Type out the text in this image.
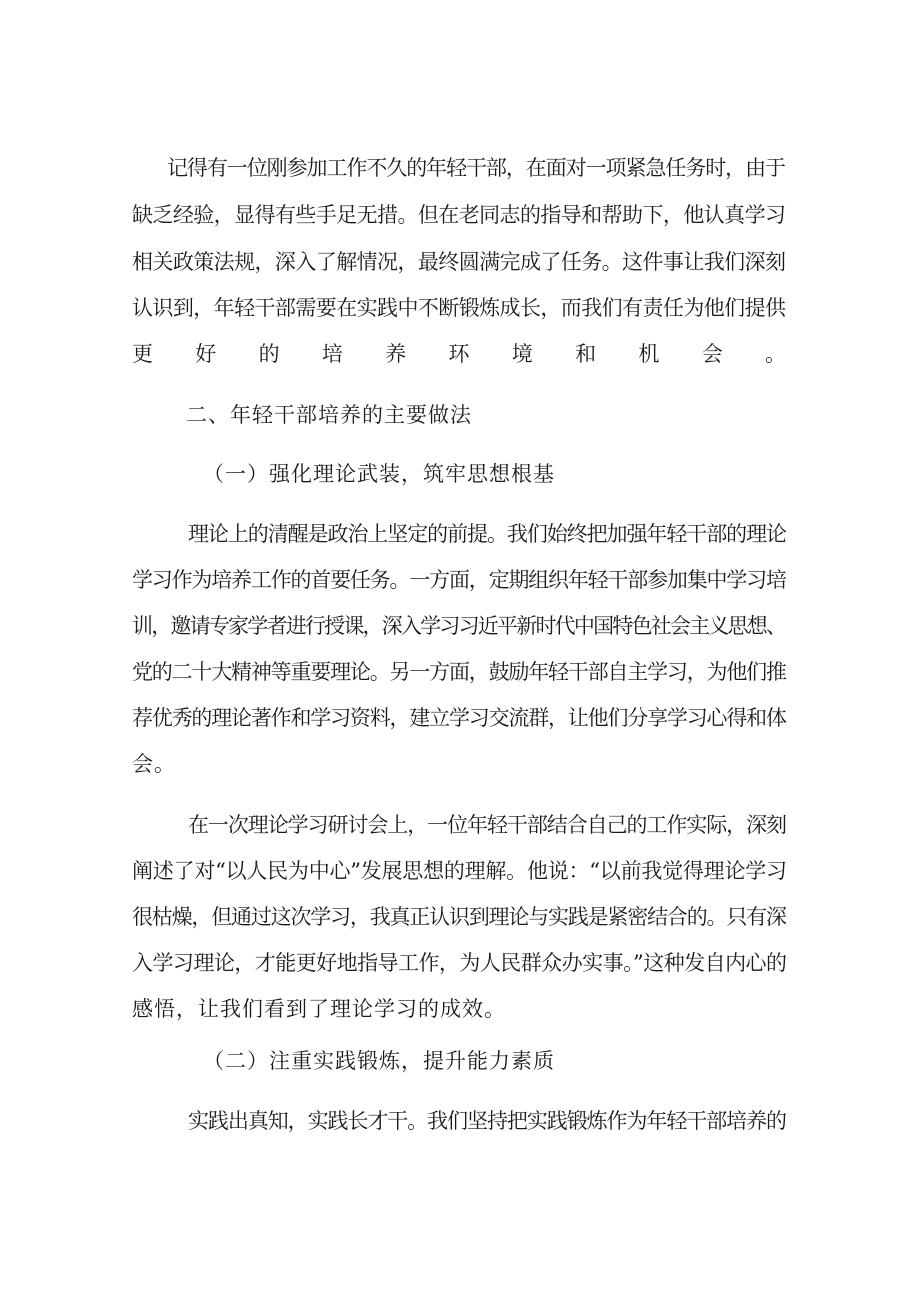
记得有一位刚参加工作不久的年轻干部，在面对一项紧急任务时，由于
缺乏经验，显得有些手足无措。但在老同志的指导和帮助下，他认真学习
相关政策法规，深入了解情况，最终圆满完成了任务。这件事让我们深刻
认识到，年轻干部需要在实践中不断锻炼成长，而我们有责任为他们提供
更好的培养环境和机会。
二、年轻干部培养的主要做法
（一）强化理论武装，筑牢思想根基
理论上的清醒是政治上坚定的前提。我们始终把加强年轻干部的理论
学习作为培养工作的首要任务。一方面，定期组织年轻干部参加集中学习培
训，邀请专家学者进行授课，深入学习习近平新时代中国特色社会主义思想、
党的二十大精神等重要理论。另一方面，鼓励年轻干部自主学习，为他们推
荐优秀的理论著作和学习资料，建立学习交流群，让他们分享学习心得和体
会。
在一次理论学习研讨会上，一位年轻干部结合自己的工作实际，深刻
阐述了对“以人民为中心”发展思想的理解。他说：“以前我觉得理论学习
很枯燥，但通过这次学习，我真正认识到理论与实践是紧密结合的。只有深
入学习理论，才能更好地指导工作，为人民群众办实事。”这种发自内心的
感悟，让我们看到了理论学习的成效。
（二）注重实践锻炼，提升能力素质
实践出真知，实践长才干。我们坚持把实践锻炼作为年轻干部培养的
